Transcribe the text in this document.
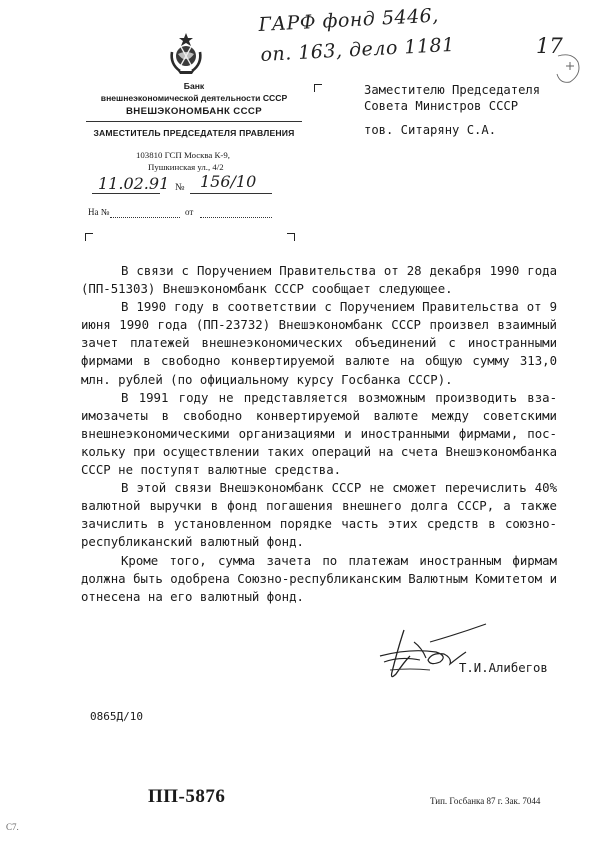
ГАРФ фонд 5446,
оп. 163, дело 1181	17
Банк
внешнеэкономической деятельности СССР
ВНЕШЭКОНОМБАНК СССР
ЗАМЕСТИТЕЛЬ ПРЕДСЕДАТЕЛЯ ПРАВЛЕНИЯ
103810 ГСП Москва К-9,
Пушкинская ул., 4/2
11.02.91 № 156/10
На №	от
Заместителю Председателя
Совета Министров СССР
тов. Ситаряну С.А.
В связи с Поручением Правительства от 28 декабря 1990 года
(ПП-51303) Внешэкономбанк СССР сообщает следующее.
В 1990 году в соответствии с Поручением Правительства от 9
июня 1990 года (ПП-23732) Внешэкономбанк СССР произвел взаимный
зачет платежей внешнеэкономических объединений с иностранными
фирмами в свободно конвертируемой валюте на общую сумму 313,0
млн. рублей (по официальному курсу Госбанка СССР).
В 1991 году не представляется возможным производить вза-
имозачеты в свободно конвертируемой валюте между советскими
внешнеэкономическими организациями и иностранными фирмами, пос-
кольку при осуществлении таких операций на счета Внешэкономбанка
СССР не поступят валютные средства.
В этой связи Внешэкономбанк СССР не сможет перечислить 40%
валютной выручки в фонд погашения внешнего долга СССР, а также
зачислить в установленном порядке часть этих средств в союзно-
республиканский валютный фонд.
Кроме того, сумма зачета по платежам иностранным фирмам
должна быть одобрена Союзно-республиканским Валютным Комитетом и
отнесена на его валютный фонд.
Т.И.Алибегов
0865Д/10
ПП-5876	Тип. Госбанка 87 г. Зак. 7044
С7.
